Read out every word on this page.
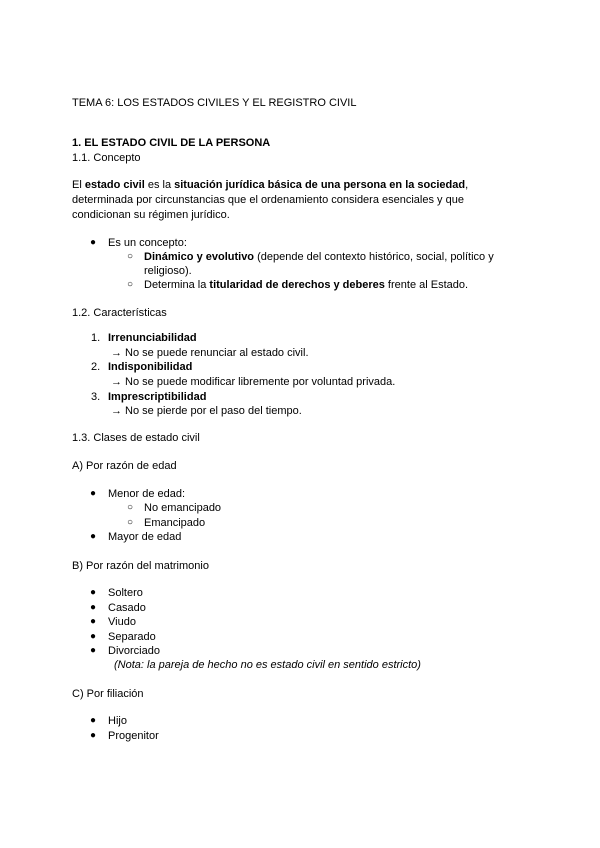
TEMA 6: LOS ESTADOS CIVILES Y EL REGISTRO CIVIL
1. EL ESTADO CIVIL DE LA PERSONA
1.1. Concepto
El estado civil es la situación jurídica básica de una persona en la sociedad,
determinada por circunstancias que el ordenamiento considera esenciales y que
condicionan su régimen jurídico.
● Es un concepto:
○ Dinámico y evolutivo (depende del contexto histórico, social, político y
religioso).
○ Determina la titularidad de derechos y deberes frente al Estado.
1.2. Características
1. Irrenunciabilidad
→ No se puede renunciar al estado civil.
2. Indisponibilidad
→ No se puede modificar libremente por voluntad privada.
3. Imprescriptibilidad
→ No se pierde por el paso del tiempo.
1.3. Clases de estado civil
A) Por razón de edad
● Menor de edad:
○ No emancipado
○ Emancipado
● Mayor de edad
B) Por razón del matrimonio
● Soltero
● Casado
● Viudo
● Separado
● Divorciado
(Nota: la pareja de hecho no es estado civil en sentido estricto)
C) Por filiación
● Hijo
● Progenitor
